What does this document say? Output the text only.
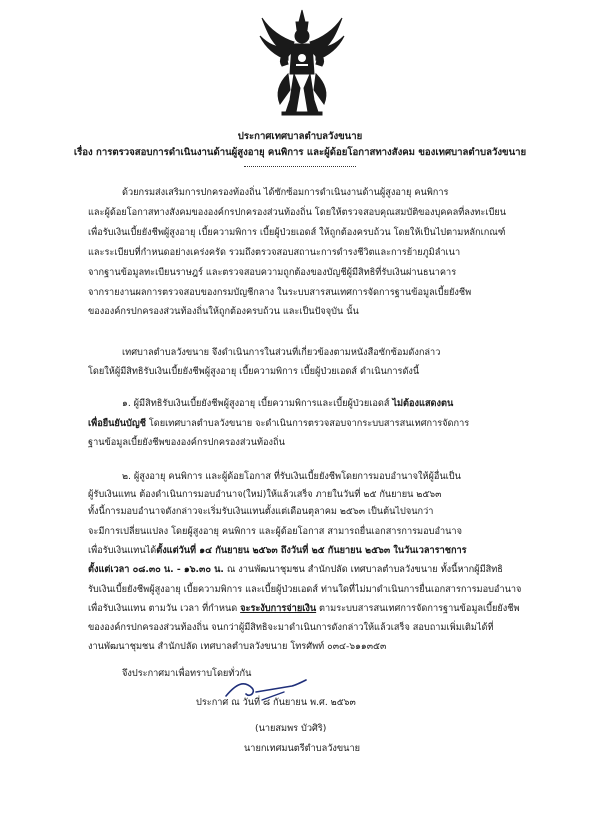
ประกาศเทศบาลตำบลวังขนาย
เรื่อง การตรวจสอบการดำเนินงานด้านผู้สูงอายุ คนพิการ และผู้ด้อยโอกาสทางสังคม ของเทศบาลตำบลวังขนาย
ด้วยกรมส่งเสริมการปกครองท้องถิ่น ได้ซักซ้อมการดำเนินงานด้านผู้สูงอายุ คนพิการ
และผู้ด้อยโอกาสทางสังคมขององค์กรปกครองส่วนท้องถิ่น โดยให้ตรวจสอบคุณสมบัติของบุคคลที่ลงทะเบียน
เพื่อรับเงินเบี้ยยังชีพผู้สูงอายุ เบี้ยความพิการ เบี้ยผู้ป่วยเอดส์ ให้ถูกต้องครบถ้วน โดยให้เป็นไปตามหลักเกณฑ์
และระเบียบที่กำหนดอย่างเคร่งครัด รวมถึงตรวจสอบสถานะการดำรงชีวิตและการย้ายภูมิลำเนา
จากฐานข้อมูลทะเบียนราษฎร์ และตรวจสอบความถูกต้องของบัญชีผู้มีสิทธิที่รับเงินผ่านธนาคาร
จากรายงานผลการตรวจสอบของกรมบัญชีกลาง ในระบบสารสนเทศการจัดการฐานข้อมูลเบี้ยยังชีพ
ขององค์กรปกครองส่วนท้องถิ่นให้ถูกต้องครบถ้วน และเป็นปัจจุบัน นั้น
เทศบาลตำบลวังขนาย จึงดำเนินการในส่วนที่เกี่ยวข้องตามหนังสือซักซ้อมดังกล่าว
โดยให้ผู้มีสิทธิรับเงินเบี้ยยังชีพผู้สูงอายุ เบี้ยความพิการ เบี้ยผู้ป่วยเอดส์ ดำเนินการดังนี้
๑. ผู้มีสิทธิรับเงินเบี้ยยังชีพผู้สูงอายุ เบี้ยความพิการและเบี้ยผู้ป่วยเอดส์ ไม่ต้องแสดงตน
เพื่อยืนยันบัญชี โดยเทศบาลตำบลวังขนาย จะดำเนินการตรวจสอบจากระบบสารสนเทศการจัดการ
ฐานข้อมูลเบี้ยยังชีพขององค์กรปกครองส่วนท้องถิ่น
๒. ผู้สูงอายุ คนพิการ และผู้ด้อยโอกาส ที่รับเงินเบี้ยยังชีพโดยการมอบอำนาจให้ผู้อื่นเป็น
ผู้รับเงินแทน ต้องดำเนินการมอบอำนาจ(ใหม่)ให้แล้วเสร็จ ภายในวันที่ ๒๕ กันยายน ๒๕๖๓
ทั้งนี้การมอบอำนาจดังกล่าวจะเริ่มรับเงินแทนตั้งแต่เดือนตุลาคม ๒๕๖๓ เป็นต้นไปจนกว่า
จะมีการเปลี่ยนแปลง โดยผู้สูงอายุ คนพิการ และผู้ด้อยโอกาส สามารถยื่นเอกสารการมอบอำนาจ
เพื่อรับเงินแทนได้ตั้งแต่วันที่ ๑๔ กันยายน ๒๕๖๓ ถึงวันที่ ๒๕ กันยายน ๒๕๖๓ ในวันเวลาราชการ
ตั้งแต่เวลา ๐๘.๓๐ น. - ๑๖.๓๐ น. ณ งานพัฒนาชุมชน สำนักปลัด เทศบาลตำบลวังขนาย ทั้งนี้หากผู้มีสิทธิ
รับเงินเบี้ยยังชีพผู้สูงอายุ เบี้ยความพิการ และเบี้ยผู้ป่วยเอดส์ ท่านใดที่ไม่มาดำเนินการยื่นเอกสารการมอบอำนาจ
เพื่อรับเงินแทน ตามวัน เวลา ที่กำหนด จะระงับการจ่ายเงิน ตามระบบสารสนเทศการจัดการฐานข้อมูลเบี้ยยังชีพ
ขององค์กรปกครองส่วนท้องถิ่น จนกว่าผู้มีสิทธิจะมาดำเนินการดังกล่าวให้แล้วเสร็จ สอบถามเพิ่มเติมได้ที่
งานพัฒนาชุมชน สำนักปลัด เทศบาลตำบลวังขนาย โทรศัพท์ ๐๓๔-๖๑๑๓๕๓
จึงประกาศมาเพื่อทราบโดยทั่วกัน
ประกาศ ณ วันที่ ๘ กันยายน พ.ศ. ๒๕๖๓
(นายสมพร บัวศิริ)
นายกเทศมนตรีตำบลวังขนาย
